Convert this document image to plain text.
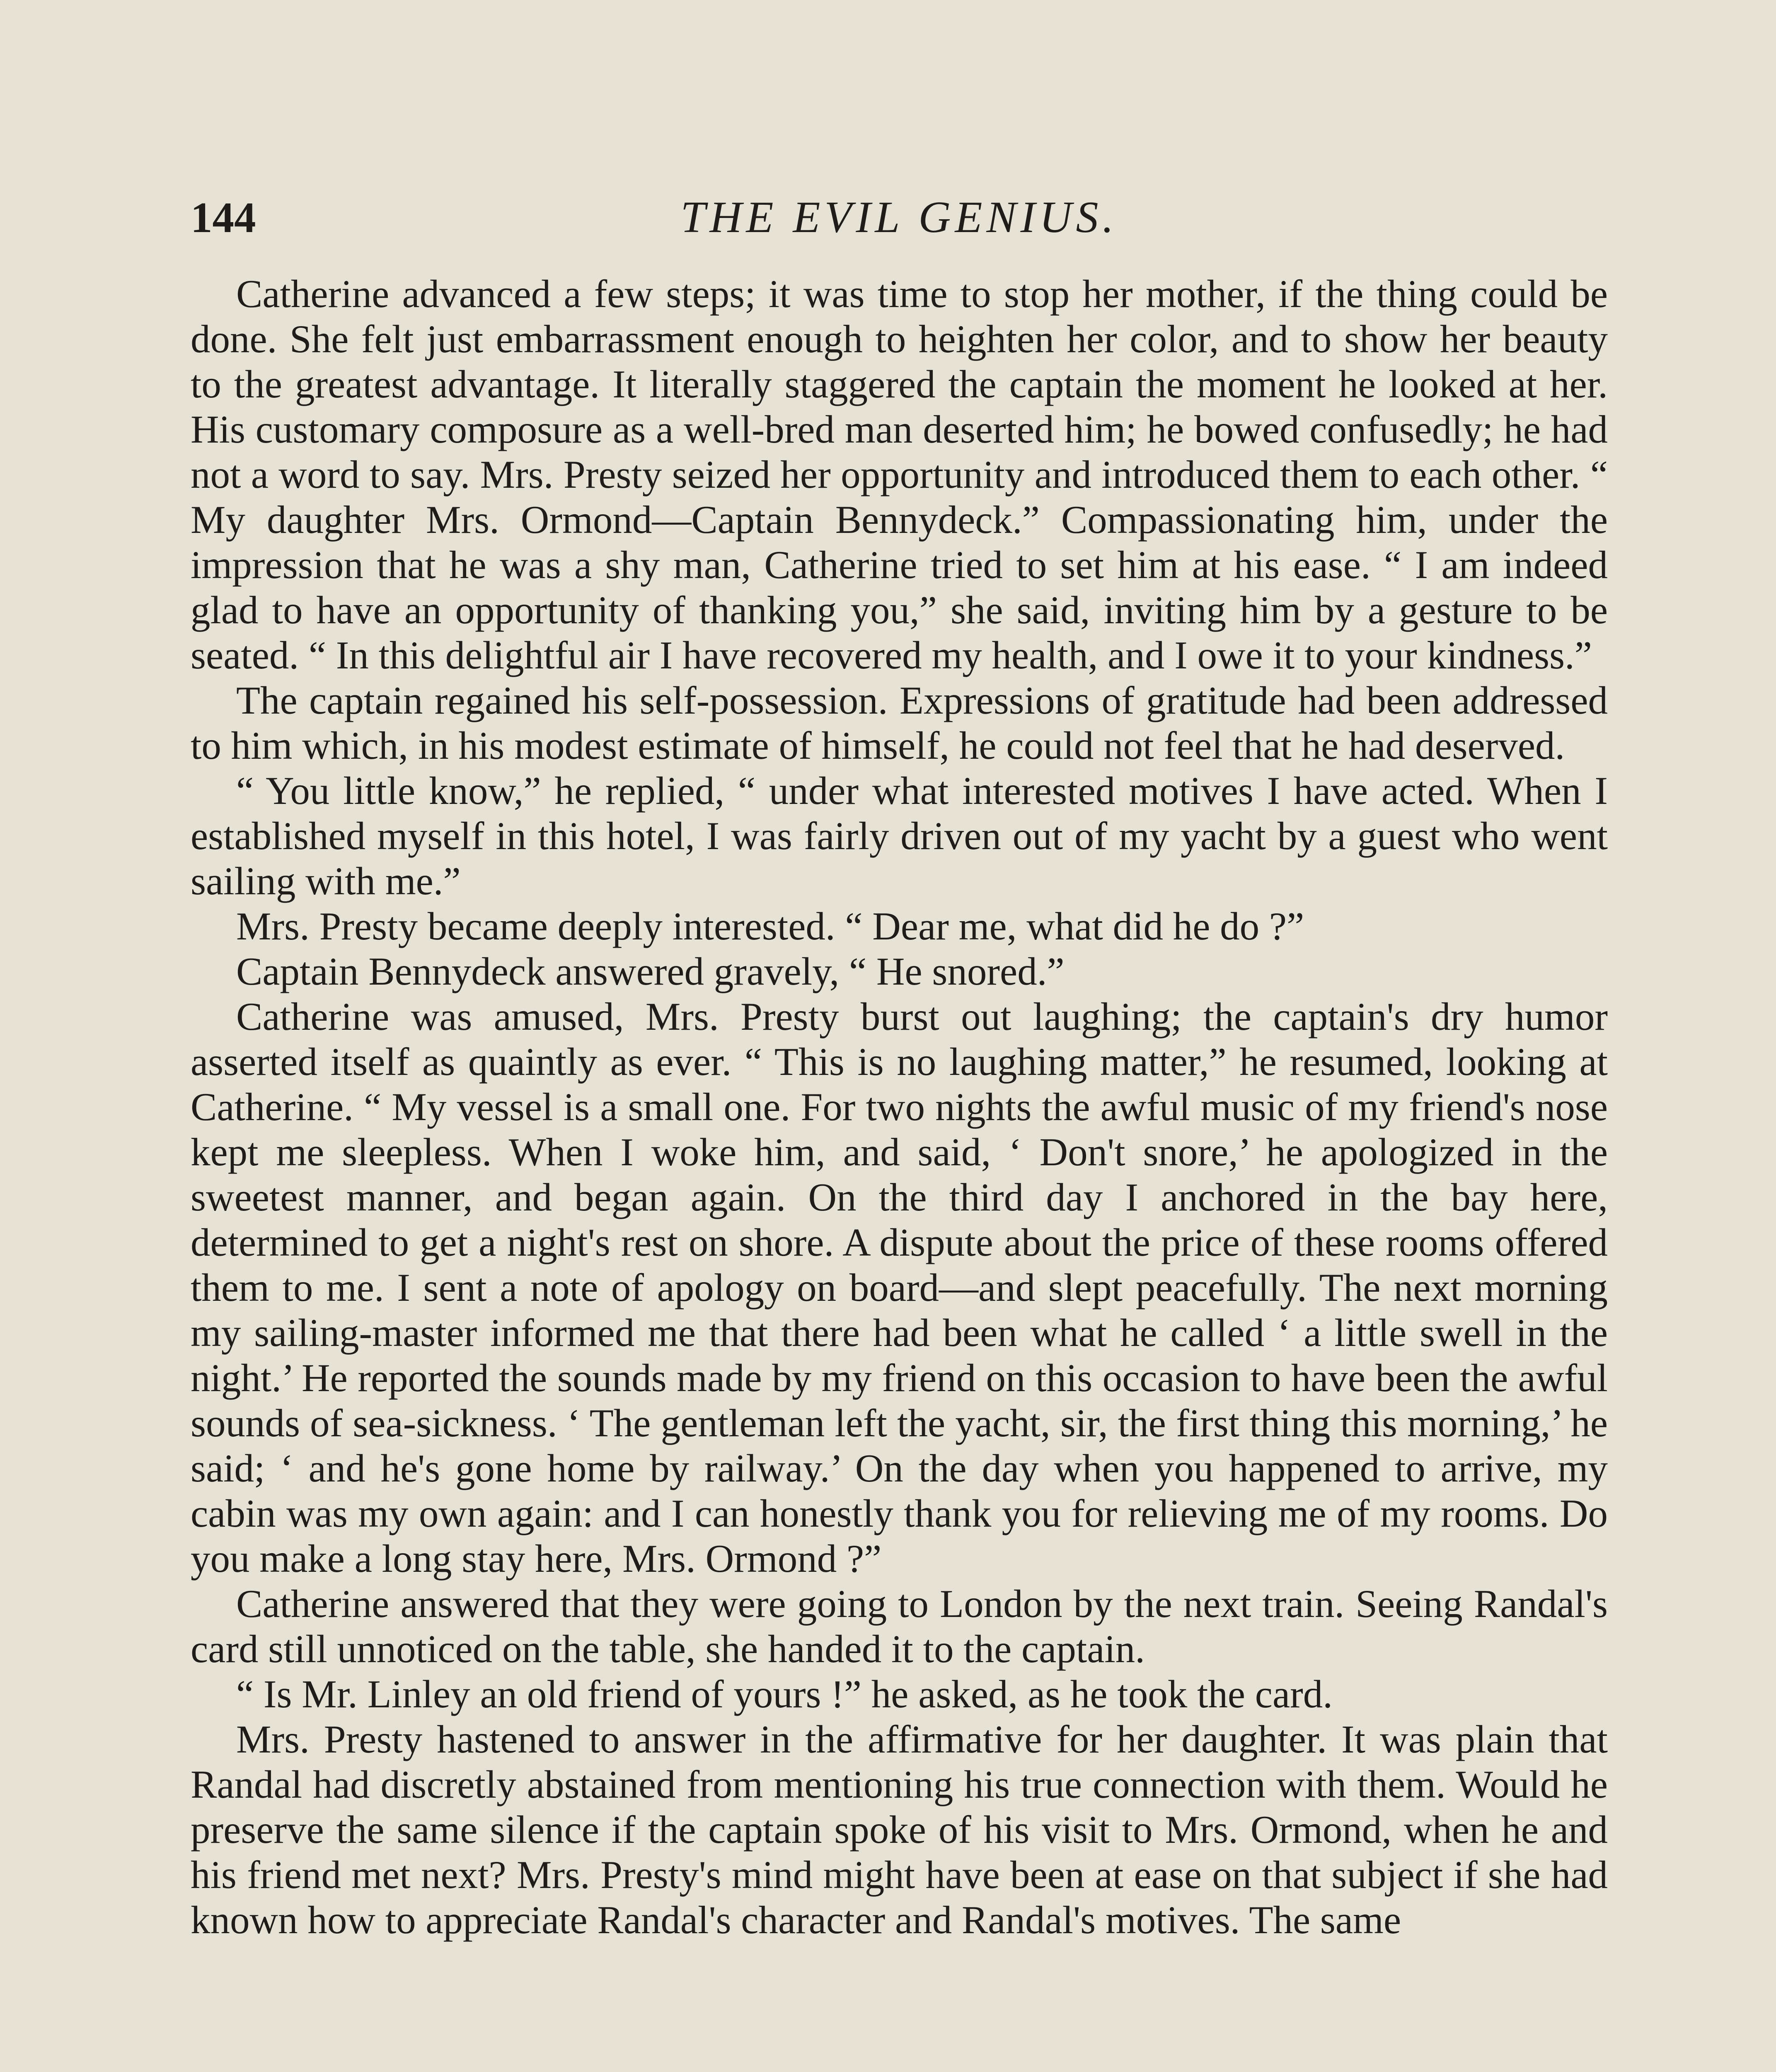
144	THE EVIL GENIUS.

Catherine advanced a few steps; it was time to stop her mother, if the thing could be done. She felt just embarrassment enough to heighten her color, and to show her beauty to the greatest advantage. It literally staggered the captain the moment he looked at her. His customary composure as a well-bred man deserted him; he bowed confusedly; he had not a word to say. Mrs. Presty seized her opportunity and introduced them to each other. “ My daughter Mrs. Ormond—Captain Bennydeck.” Compassionating him, under the impression that he was a shy man, Catherine tried to set him at his ease. “ I am indeed glad to have an opportunity of thanking you,” she said, inviting him by a gesture to be seated. “ In this delightful air I have recovered my health, and I owe it to your kindness.”

The captain regained his self-possession. Expressions of gratitude had been addressed to him which, in his modest estimate of himself, he could not feel that he had deserved.

“ You little know,” he replied, “ under what interested motives I have acted. When I established myself in this hotel, I was fairly driven out of my yacht by a guest who went sailing with me.”

Mrs. Presty became deeply interested. “ Dear me, what did he do ?”

Captain Bennydeck answered gravely, “ He snored.”

Catherine was amused, Mrs. Presty burst out laughing; the captain's dry humor asserted itself as quaintly as ever. “ This is no laughing matter,” he resumed, looking at Catherine. “ My vessel is a small one. For two nights the awful music of my friend's nose kept me sleepless. When I woke him, and said, ‘ Don't snore,’ he apologized in the sweetest manner, and began again. On the third day I anchored in the bay here, determined to get a night's rest on shore. A dispute about the price of these rooms offered them to me. I sent a note of apology on board—and slept peacefully. The next morning my sailing-master informed me that there had been what he called ‘ a little swell in the night.’ He reported the sounds made by my friend on this occasion to have been the awful sounds of sea-sickness. ‘ The gentleman left the yacht, sir, the first thing this morning,’ he said; ‘ and he's gone home by railway.’ On the day when you happened to arrive, my cabin was my own again: and I can honestly thank you for relieving me of my rooms. Do you make a long stay here, Mrs. Ormond ?”

Catherine answered that they were going to London by the next train. Seeing Randal's card still unnoticed on the table, she handed it to the captain.

“ Is Mr. Linley an old friend of yours !” he asked, as he took the card.

Mrs. Presty hastened to answer in the affirmative for her daughter. It was plain that Randal had discretly abstained from mentioning his true connection with them. Would he preserve the same silence if the captain spoke of his visit to Mrs. Ormond, when he and his friend met next? Mrs. Presty's mind might have been at ease on that subject if she had known how to appreciate Randal's character and Randal's motives. The same
